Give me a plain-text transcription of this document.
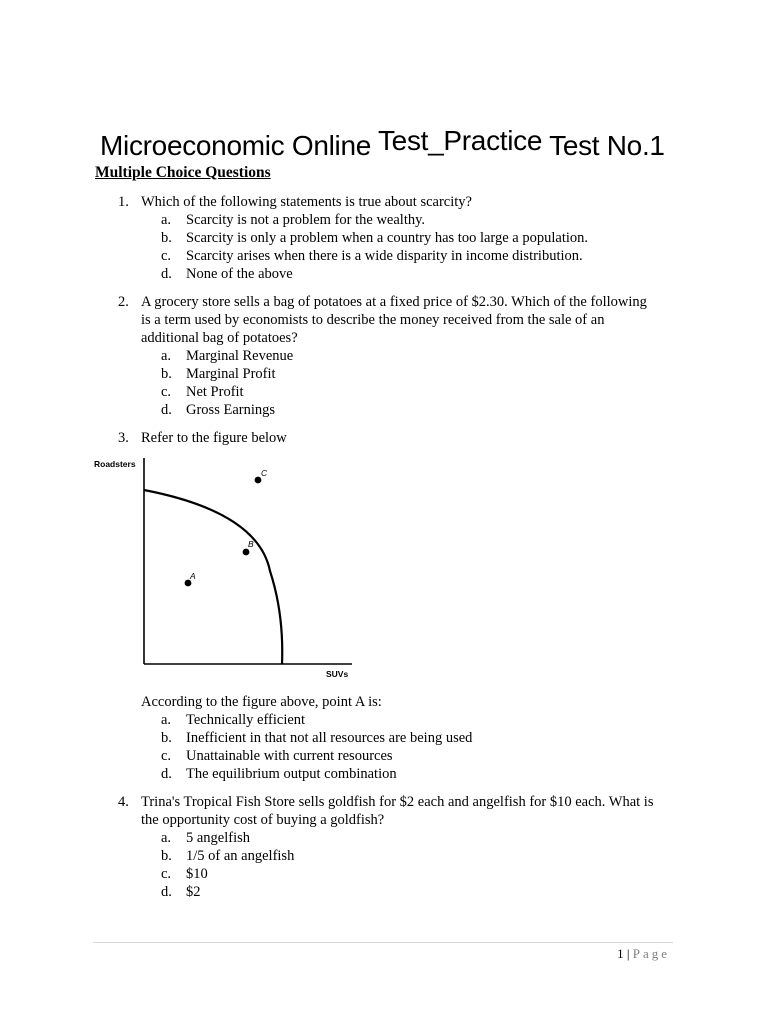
Microeconomic Online Test_Practice Test No.1
Multiple Choice Questions
1. Which of the following statements is true about scarcity?
a. Scarcity is not a problem for the wealthy.
b. Scarcity is only a problem when a country has too large a population.
c. Scarcity arises when there is a wide disparity in income distribution.
d. None of the above
2. A grocery store sells a bag of potatoes at a fixed price of $2.30. Which of the following is a term used by economists to describe the money received from the sale of an additional bag of potatoes?
a. Marginal Revenue
b. Marginal Profit
c. Net Profit
d. Gross Earnings
3. Refer to the figure below
Roadsters
A
B
C
SUVs
According to the figure above, point A is:
a. Technically efficient
b. Inefficient in that not all resources are being used
c. Unattainable with current resources
d. The equilibrium output combination
4. Trina's Tropical Fish Store sells goldfish for $2 each and angelfish for $10 each. What is the opportunity cost of buying a goldfish?
a. 5 angelfish
b. 1/5 of an angelfish
c. $10
d. $2
1 | Page
